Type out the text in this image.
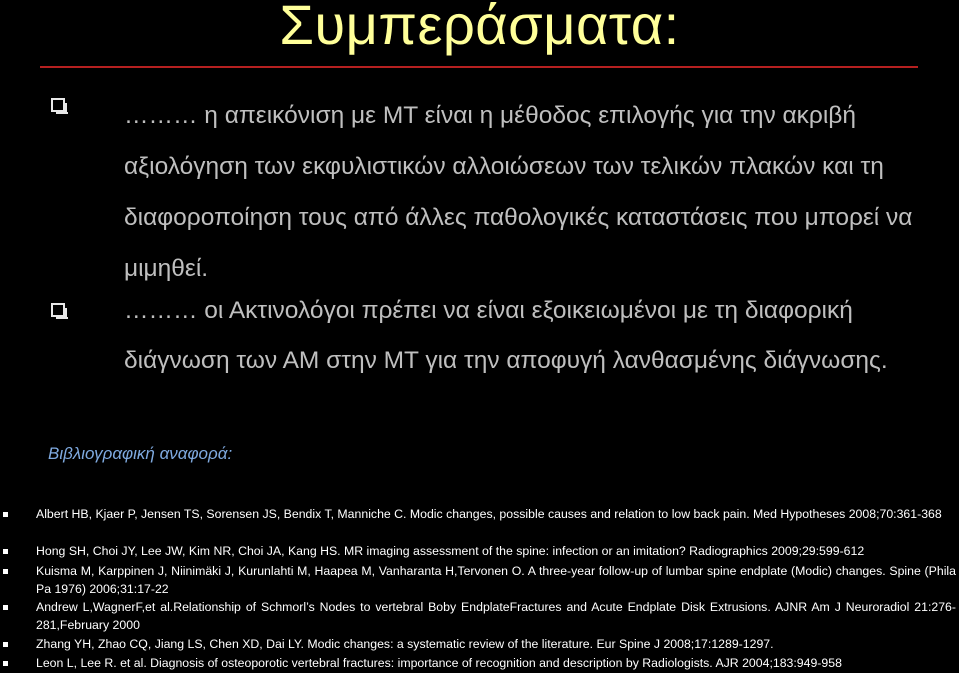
Συμπεράσματα:

……… η απεικόνιση με ΜΤ είναι η μέθοδος επιλογής για την ακριβή αξιολόγηση των εκφυλιστικών αλλοιώσεων των τελικών πλακών και τη διαφοροποίηση τους από άλλες παθολογικές καταστάσεις που μπορεί να μιμηθεί.

……… οι Ακτινολόγοι πρέπει να είναι εξοικειωμένοι με τη διαφορική διάγνωση των ΑΜ στην ΜΤ για την αποφυγή λανθασμένης διάγνωσης.

Βιβλιογραφική αναφορά:
Albert HB, Kjaer P, Jensen TS, Sorensen JS, Bendix T, Manniche C. Modic changes, possible causes and relation to low back pain. Med Hypotheses 2008;70:361-368
Hong SH, Choi JY, Lee JW, Kim NR, Choi JA, Kang HS. MR imaging assessment of the spine: infection or an imitation? Radiographics 2009;29:599-612
Kuisma M, Karppinen J, Niinimäki J, Kurunlahti M, Haapea M, Vanharanta H,Tervonen O. A three-year follow-up of lumbar spine endplate (Modic) changes. Spine (Phila Pa 1976) 2006;31:17-22
Andrew L,WagnerF,et al.Relationship of Schmorl’s Nodes to vertebral Boby EndplateFractures and Acute Endplate Disk Extrusions. AJNR Am J Neuroradiol 21:276-281,February 2000
Zhang YH, Zhao CQ, Jiang LS, Chen XD, Dai LY. Modic changes: a systematic review of the literature. Eur Spine J 2008;17:1289-1297.
Leon L, Lee R. et al. Diagnosis of osteoporotic vertebral fractures: importance of recognition and description by Radiologists. AJR 2004;183:949-958
